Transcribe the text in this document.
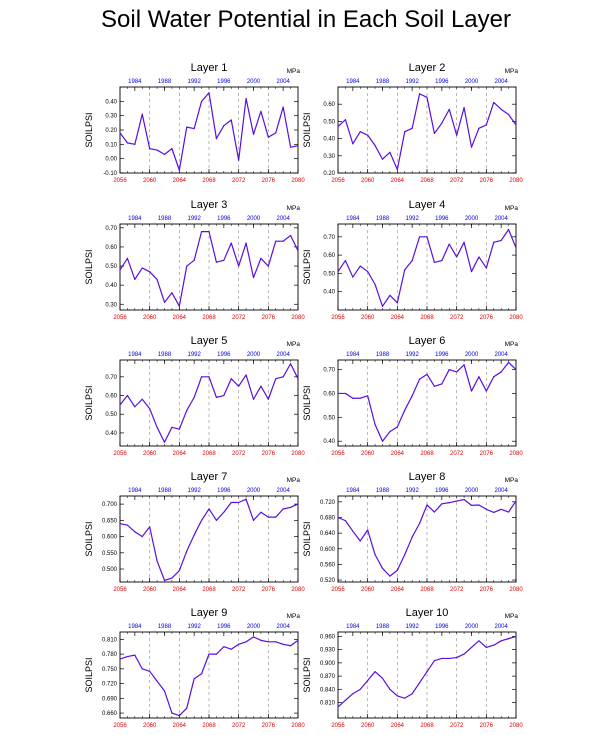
Soil Water Potential in Each Soil Layer
Layer 1	MPa
SOILPSI
-0.10
0.00
0.10
0.20
0.30
0.40
2056	2060	2064	2068	2072	2076	2080
1984	1988	1992	1996	2000	2004
Layer 2	MPa
SOILPSI
0.20
0.30
0.40
0.50
0.60
2056	2060	2064	2068	2072	2076	2080
1984	1988	1992	1996	2000	2004
Layer 3	MPa
SOILPSI
0.30
0.40
0.50
0.60
0.70
2056	2060	2064	2068	2072	2076	2080
1984	1988	1992	1996	2000	2004
Layer 4	MPa
SOILPSI
0.40
0.50
0.60
0.70
2056	2060	2064	2068	2072	2076	2080
1984	1988	1992	1996	2000	2004
Layer 5	MPa
SOILPSI
0.40
0.50
0.60
0.70
2056	2060	2064	2068	2072	2076	2080
1984	1988	1992	1996	2000	2004
Layer 6	MPa
SOILPSI
0.40
0.50
0.60
0.70
2056	2060	2064	2068	2072	2076	2080
1984	1988	1992	1996	2000	2004
Layer 7	MPa
SOILPSI
0.500
0.550
0.600
0.650
0.700
2056	2060	2064	2068	2072	2076	2080
1984	1988	1992	1996	2000	2004
Layer 8	MPa
SOILPSI
0.520
0.560
0.600
0.640
0.680
0.720
2056	2060	2064	2068	2072	2076	2080
1984	1988	1992	1996	2000	2004
Layer 9	MPa
SOILPSI
0.660
0.690
0.720
0.750
0.780
0.810
2056	2060	2064	2068	2072	2076	2080
1984	1988	1992	1996	2000	2004
Layer 10	MPa
SOILPSI
0.810
0.840
0.870
0.900
0.930
0.960
2056	2060	2064	2068	2072	2076	2080
1984	1988	1992	1996	2000	2004
